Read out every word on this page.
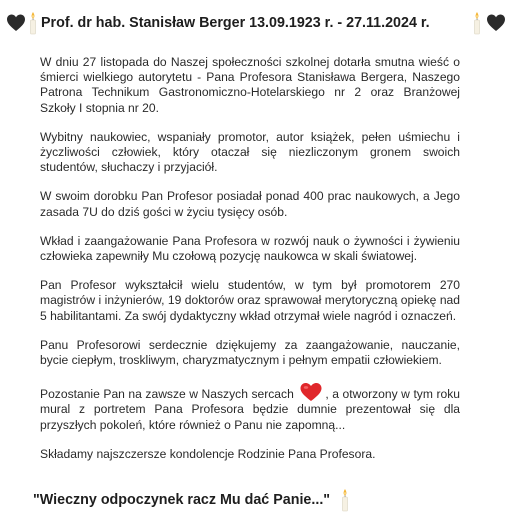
Prof. dr hab. Stanisław Berger 13.09.1923 r. - 27.11.2024 r.

W dniu 27 listopada do Naszej społeczności szkolnej dotarła smutna wieść o śmierci wielkiego autorytetu - Pana Profesora Stanisława Bergera, Naszego Patrona Technikum Gastronomiczno-Hotelarskiego nr 2 oraz Branżowej Szkoły I stopnia nr 20.

Wybitny naukowiec, wspaniały promotor, autor książek, pełen uśmiechu i życzliwości człowiek, który otaczał się niezliczonym gronem swoich studentów, słuchaczy i przyjaciół.

W swoim dorobku Pan Profesor posiadał ponad 400 prac naukowych, a Jego zasada 7U do dziś gości w życiu tysięcy osób.

Wkład i zaangażowanie Pana Profesora w rozwój nauk o żywności i żywieniu człowieka zapewniły Mu czołową pozycję naukowca w skali światowej.

Pan Profesor wykształcił wielu studentów, w tym był promotorem 270 magistrów i inżynierów, 19 doktorów oraz sprawował merytoryczną opiekę nad 5 habilitantami. Za swój dydaktyczny wkład otrzymał wiele nagród i oznaczeń.

Panu Profesorowi serdecznie dziękujemy za zaangażowanie, nauczanie, bycie ciepłym, troskliwym, charyzmatycznym i pełnym empatii człowiekiem.

Pozostanie Pan na zawsze w Naszych sercach	, a otworzony w tym roku mural z portretem Pana Profesora będzie dumnie prezentował się dla przyszłych pokoleń, które również o Panu nie zapomną...

Składamy najszczersze kondolencje Rodzinie Pana Profesora.

"Wieczny odpoczynek racz Mu dać Panie..."
